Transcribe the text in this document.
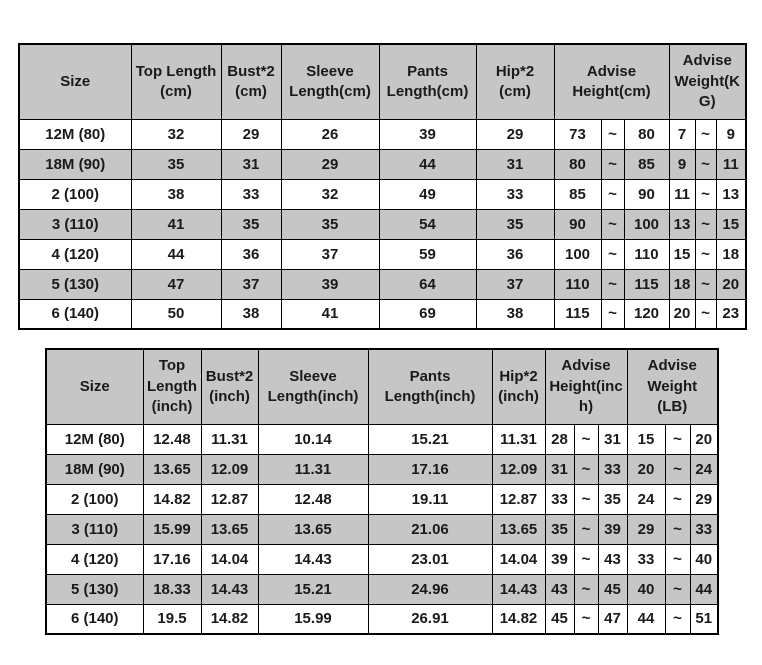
Size	Top Length (cm)	Bust*2 (cm)	Sleeve Length(cm)	Pants Length(cm)	Hip*2 (cm)	Advise Height(cm)			Advise Weight(KG)		
12M (80)	32	29	26	39	29	73	~	80	7	~	9
18M (90)	35	31	29	44	31	80	~	85	9	~	11
2 (100)	38	33	32	49	33	85	~	90	11	~	13
3 (110)	41	35	35	54	35	90	~	100	13	~	15
4 (120)	44	36	37	59	36	100	~	110	15	~	18
5 (130)	47	37	39	64	37	110	~	115	18	~	20
6 (140)	50	38	41	69	38	115	~	120	20	~	23
Size	Top Length (inch)	Bust*2 (inch)	Sleeve Length(inch)	Pants Length(inch)	Hip*2 (inch)	Advise Height(inch)			Advise Weight (LB)		
12M (80)	12.48	11.31	10.14	15.21	11.31	28	~	31	15	~	20
18M (90)	13.65	12.09	11.31	17.16	12.09	31	~	33	20	~	24
2 (100)	14.82	12.87	12.48	19.11	12.87	33	~	35	24	~	29
3 (110)	15.99	13.65	13.65	21.06	13.65	35	~	39	29	~	33
4 (120)	17.16	14.04	14.43	23.01	14.04	39	~	43	33	~	40
5 (130)	18.33	14.43	15.21	24.96	14.43	43	~	45	40	~	44
6 (140)	19.5	14.82	15.99	26.91	14.82	45	~	47	44	~	51
